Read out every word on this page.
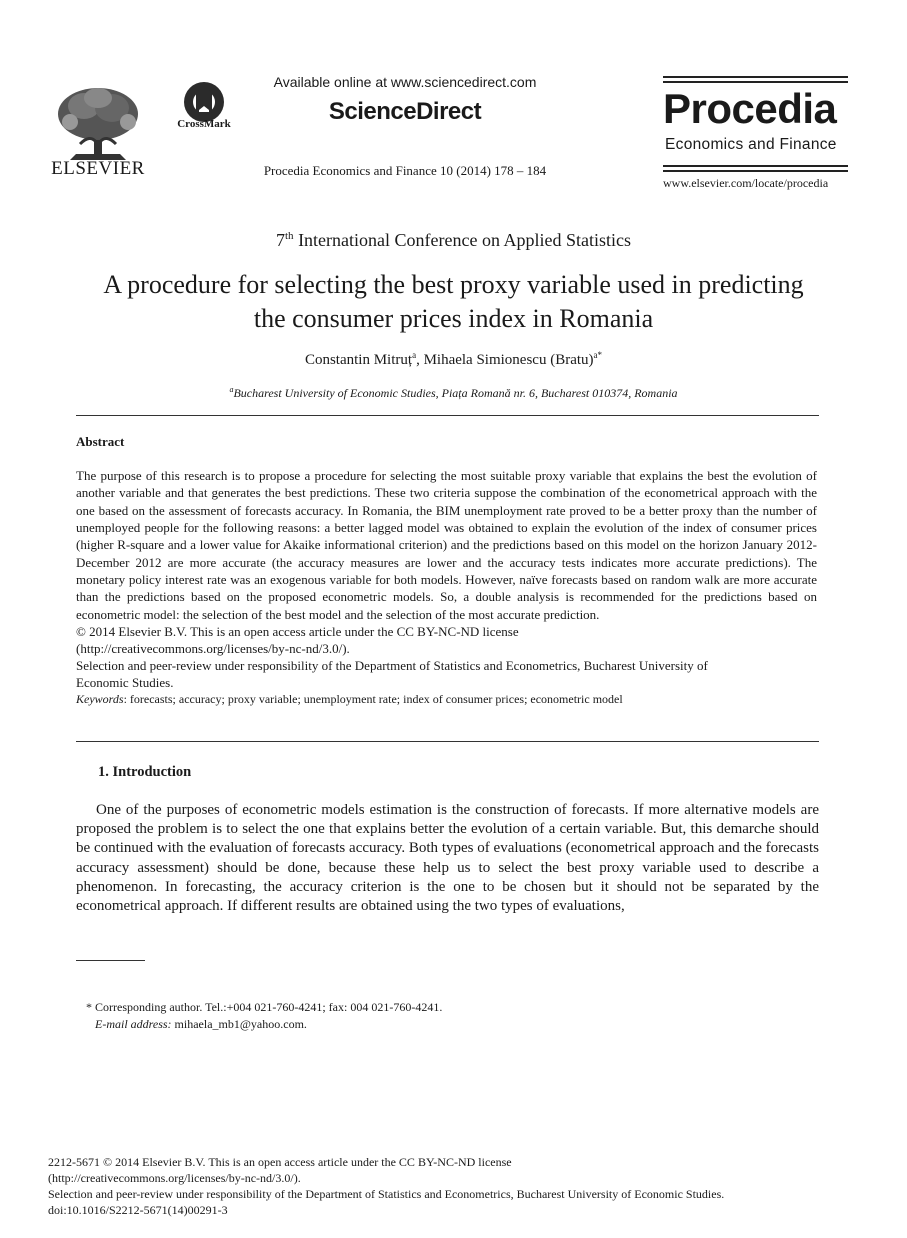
ELSEVIER
CrossMark
Available online at www.sciencedirect.com
ScienceDirect
Procedia Economics and Finance 10 (2014) 178 – 184
Procedia
Economics and Finance
www.elsevier.com/locate/procedia
7th International Conference on Applied Statistics
A procedure for selecting the best proxy variable used in predicting
the consumer prices index in Romania
Constantin Mitruț$^a$, Mihaela Simionescu (Bratu)$^{a*}$
$^a$Bucharest University of Economic Studies, Piața Romană nr. 6, Bucharest 010374, Romania
Abstract

The purpose of this research is to propose a procedure for selecting the most suitable proxy variable that explains the best the evolution of another variable and that generates the best predictions. These two criteria suppose the combination of the econometrical approach with the one based on the assessment of forecasts accuracy. In Romania, the BIM unemployment rate proved to be a better proxy than the number of unemployed people for the following reasons: a better lagged model was obtained to explain the evolution of the index of consumer prices (higher R-square and a lower value for Akaike informational criterion) and the predictions based on this model on the horizon January 2012- December 2012 are more accurate (the accuracy measures are lower and the accuracy tests indicates more accurate predictions). The monetary policy interest rate was an exogenous variable for both models. However, naïve forecasts based on random walk are more accurate than the predictions based on the proposed econometric models. So, a double analysis is recommended for the predictions based on econometric model: the selection of the best model and the selection of the most accurate prediction.

© 2014 Elsevier B.V. This is an open access article under the CC BY-NC-ND license
(http://creativecommons.org/licenses/by-nc-nd/3.0/).
Selection and peer-review under responsibility of the Department of Statistics and Econometrics, Bucharest University of
Economic Studies.
Keywords: forecasts; accuracy; proxy variable; unemployment rate; index of consumer prices; econometric model
1. Introduction

One of the purposes of econometric models estimation is the construction of forecasts. If more alternative models are proposed the problem is to select the one that explains better the evolution of a certain variable. But, this demarche should be continued with the evaluation of forecasts accuracy. Both types of evaluations (econometrical approach and the forecasts accuracy assessment) should be done, because these help us to select the best proxy variable used to describe a phenomenon. In forecasting, the accuracy criterion is the one to be chosen but it should not be separated by the econometrical approach. If different results are obtained using the two types of evaluations,

* Corresponding author. Tel.:+004 021-760-4241; fax: 004 021-760-4241.
E-mail address: mihaela_mb1@yahoo.com.
2212-5671 © 2014 Elsevier B.V. This is an open access article under the CC BY-NC-ND license
(http://creativecommons.org/licenses/by-nc-nd/3.0/).
Selection and peer-review under responsibility of the Department of Statistics and Econometrics, Bucharest University of Economic Studies.
doi:10.1016/S2212-5671(14)00291-3
